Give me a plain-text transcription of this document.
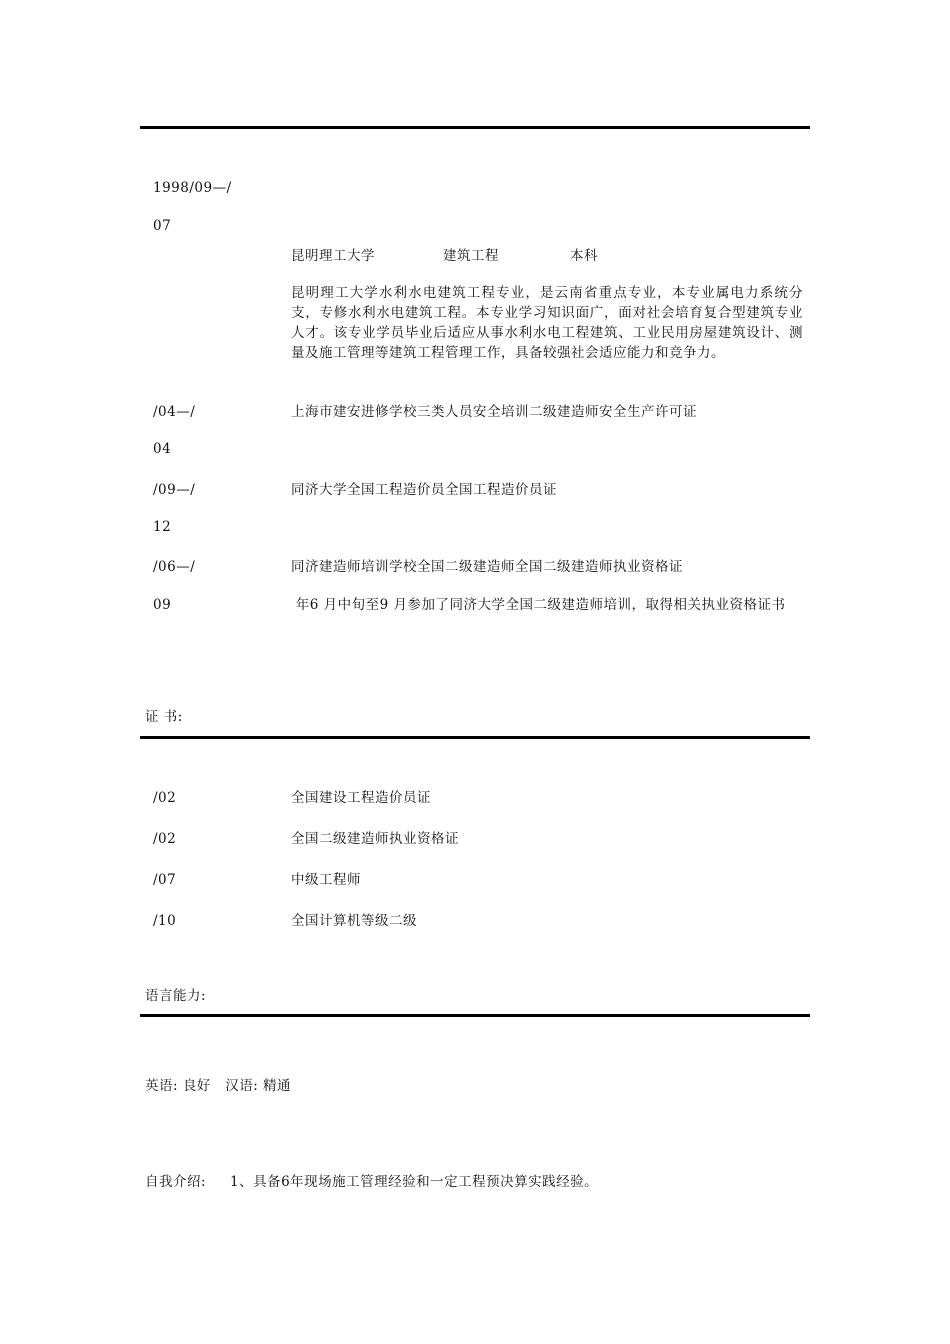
1998/09—/
07
昆明理工大学	建筑工程	本科
昆明理工大学水利水电建筑工程专业，是云南省重点专业，本专业属电力系统分支，专修水利水电建筑工程。本专业学习知识面广，面对社会培育复合型建筑专业人才。该专业学员毕业后适应从事水利水电工程建筑、工业民用房屋建筑设计、测量及施工管理等建筑工程管理工作，具备较强社会适应能力和竞争力。
/04—/	上海市建安进修学校三类人员安全培训二级建造师安全生产许可证
04
/09—/	同济大学全国工程造价员全国工程造价员证
12
/06—/	同济建造师培训学校全国二级建造师全国二级建造师执业资格证
09	年6 月中旬至9 月参加了同济大学全国二级建造师培训，取得相关执业资格证书
证 书:
/02	全国建设工程造价员证
/02	全国二级建造师执业资格证
/07	中级工程师
/10	全国计算机等级二级
语言能力:
英语: 良好   汉语: 精通
自我介绍: 1、具备6年现场施工管理经验和一定工程预决算实践经验。
